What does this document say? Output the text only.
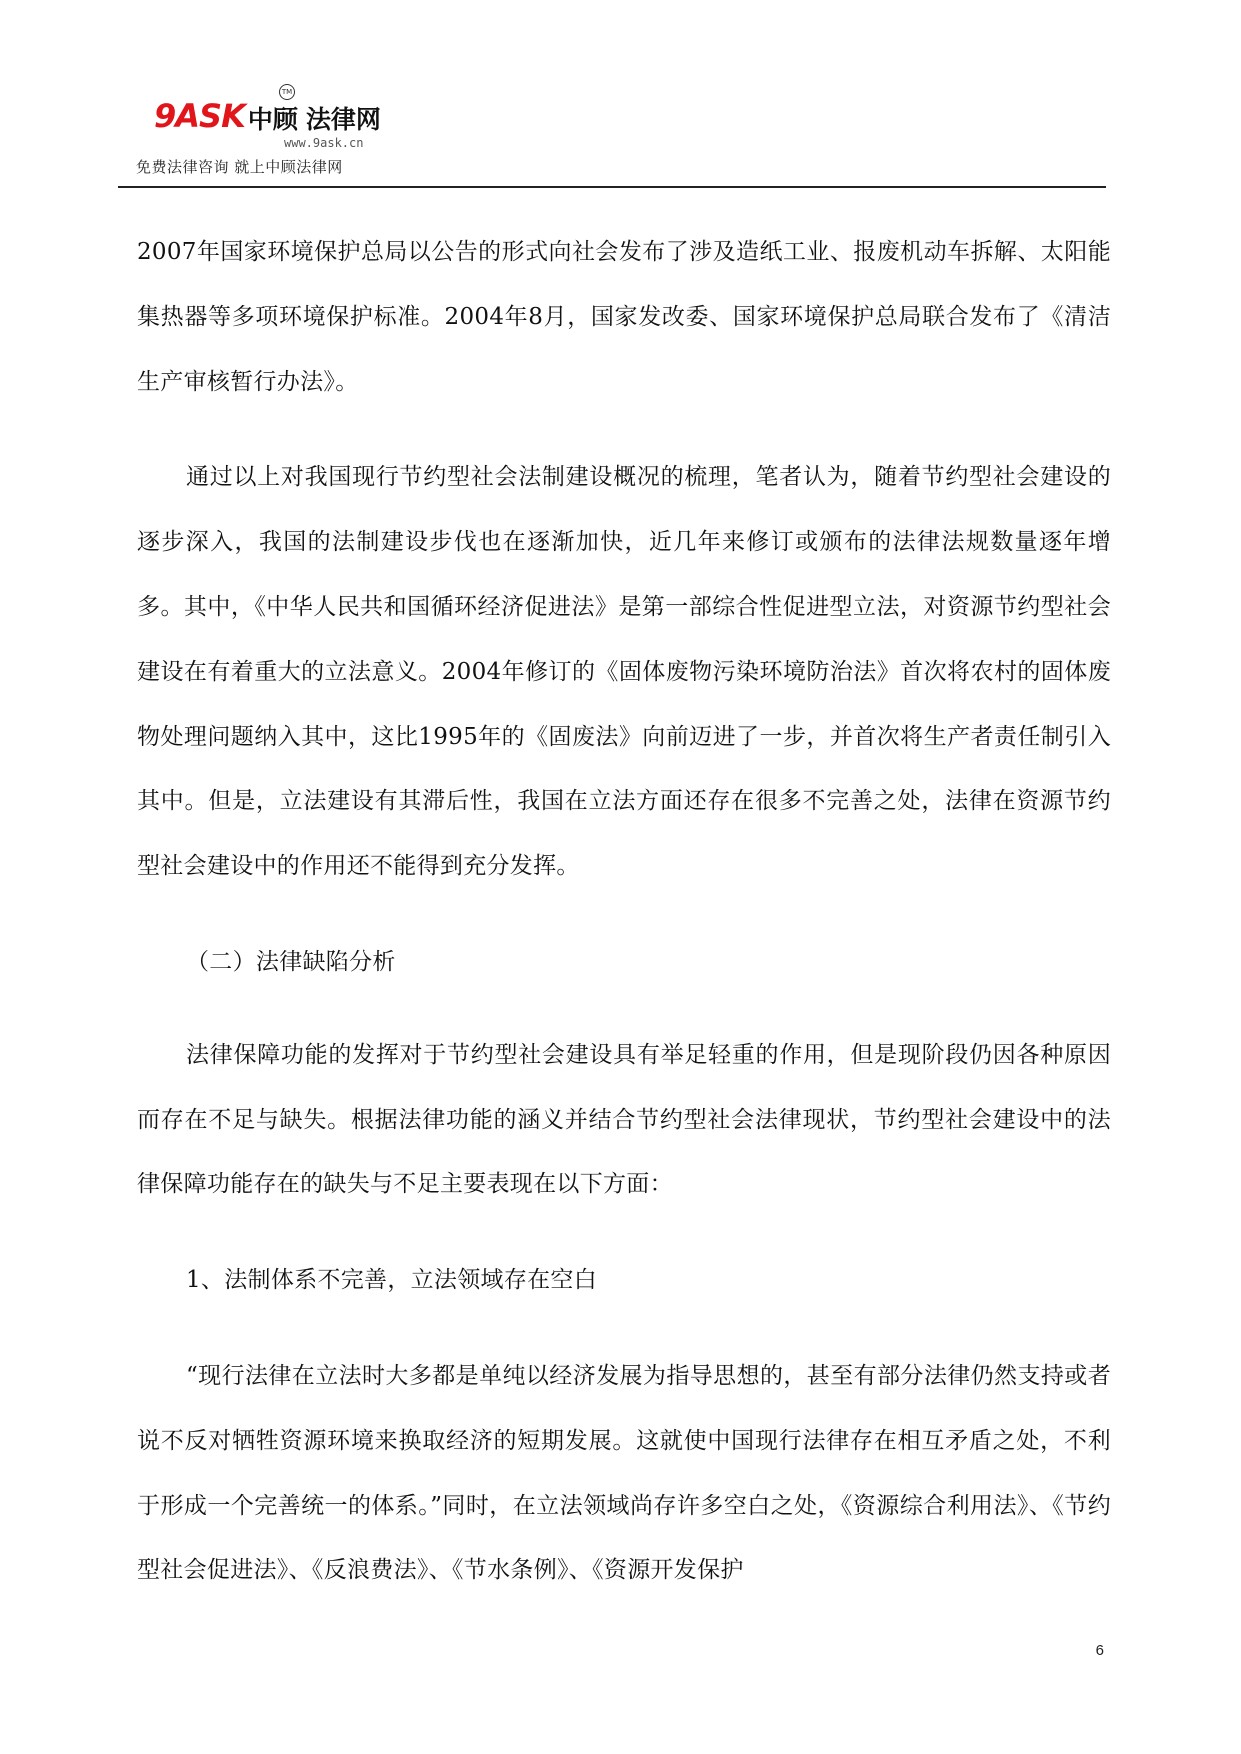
9ASK 中顾 法律网
TM
www.9ask.cn
免费法律咨询 就上中顾法律网

2007年国家环境保护总局以公告的形式向社会发布了涉及造纸工业、报废机动车拆解、太阳能集热器等多项环境保护标准。2004年8月，国家发改委、国家环境保护总局联合发布了《清洁生产审核暂行办法》。

通过以上对我国现行节约型社会法制建设概况的梳理，笔者认为，随着节约型社会建设的逐步深入，我国的法制建设步伐也在逐渐加快，近几年来修订或颁布的法律法规数量逐年增多。其中，《中华人民共和国循环经济促进法》是第一部综合性促进型立法，对资源节约型社会建设在有着重大的立法意义。2004年修订的《固体废物污染环境防治法》首次将农村的固体废物处理问题纳入其中，这比1995年的《固废法》向前迈进了一步，并首次将生产者责任制引入其中。但是，立法建设有其滞后性，我国在立法方面还存在很多不完善之处，法律在资源节约型社会建设中的作用还不能得到充分发挥。

（二）法律缺陷分析

法律保障功能的发挥对于节约型社会建设具有举足轻重的作用，但是现阶段仍因各种原因而存在不足与缺失。根据法律功能的涵义并结合节约型社会法律现状，节约型社会建设中的法律保障功能存在的缺失与不足主要表现在以下方面：

1、法制体系不完善，立法领域存在空白

“现行法律在立法时大多都是单纯以经济发展为指导思想的，甚至有部分法律仍然支持或者说不反对牺牲资源环境来换取经济的短期发展。这就使中国现行法律存在相互矛盾之处，不利于形成一个完善统一的体系。”同时，在立法领域尚存许多空白之处，《资源综合利用法》、《节约型社会促进法》、《反浪费法》、《节水条例》、《资源开发保护

6
